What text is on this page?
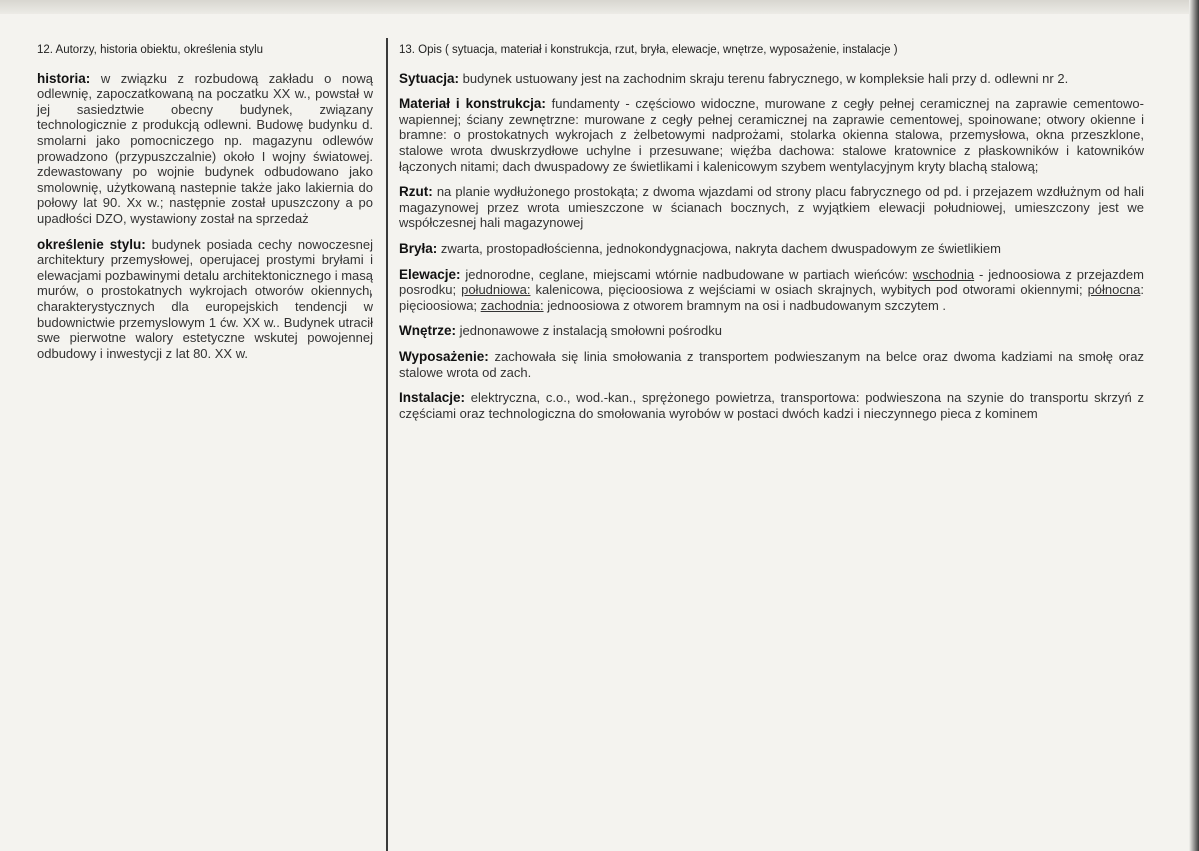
12. Autorzy, historia obiektu, określenia stylu
historia: w związku z rozbudową zakładu o nową odlewnię, zapoczatkowaną na poczatku XX w., powstał w jej sasiedztwie obecny budynek, związany technologicznie z produkcją odlewni. Budowę budynku d. smolarni jako pomocniczego np. magazynu odlewów prowadzono (przypuszczalnie) około I wojny światowej. zdewastowany po wojnie budynek odbudowano jako smolownię, użytkowaną nastepnie także jako lakiernia do połowy lat 90. Xx w.; następnie został upuszczony a po upadłości DZO, wystawiony został na sprzedaż
określenie stylu: budynek posiada cechy nowoczesnej architektury przemysłowej, operujacej prostymi bryłami i elewacjami pozbawinymi detalu architektonicznego i masą murów, o prostokatnych wykrojach otworów okiennych, charakterystycznych dla europejskich tendencji w budownictwie przemyslowym 1 ćw. XX w.. Budynek utracił swe pierwotne walory estetyczne wskutej powojennej odbudowy i inwestycji z lat 80. XX w.
13. Opis ( sytuacja, materiał i konstrukcja, rzut, bryła, elewacje, wnętrze, wyposażenie, instalacje )
Sytuacja: budynek ustuowany jest na zachodnim skraju terenu fabrycznego, w kompleksie hali przy d. odlewni nr 2.
Materiał i konstrukcja: fundamenty - częściowo widoczne, murowane z cegły pełnej ceramicznej na zaprawie cementowo-wapiennej; ściany zewnętrzne: murowane z cegły pełnej ceramicznej na zaprawie cementowej, spoinowane; otwory okienne i bramne: o prostokatnych wykrojach z żelbetowymi nadprożami, stolarka okienna stalowa, przemysłowa, okna przeszklone, stalowe wrota dwuskrzydłowe uchylne i przesuwane; więźba dachowa: stalowe kratownice z płaskowników i katowników łączonych nitami; dach dwuspadowy ze świetlikami i kalenicowym szybem wentylacyjnym kryty blachą stalową;
Rzut: na planie wydłużonego prostokąta; z dwoma wjazdami od strony placu fabrycznego od pd. i przejazem wzdłużnym od hali magazynowej przez wrota umieszczone w ścianach bocznych, z wyjątkiem elewacji południowej, umieszczony jest we współczesnej hali magazynowej
Bryła: zwarta, prostopadłościenna, jednokondygnacjowa, nakryta dachem dwuspadowym ze świetlikiem
Elewacje: jednorodne, ceglane, miejscami wtórnie nadbudowane w partiach wieńców: wschodnia - jednoosiowa z przejazdem posrodku; południowa: kalenicowa, pięcioosiowa z wejściami w osiach skrajnych, wybitych pod otworami okiennymi; północna: pięcioosiowa; zachodnia: jednoosiowa z otworem bramnym na osi i nadbudowanym szczytem .
Wnętrze: jednonawowe z instalacją smołowni pośrodku
Wyposażenie: zachowała się linia smołowania z transportem podwieszanym na belce oraz dwoma kadziami na smołę oraz stalowe wrota od zach.
Instalacje: elektryczna, c.o., wod.-kan., sprężonego powietrza, transportowa: podwieszona na szynie do transportu skrzyń z częściami oraz technologiczna do smołowania wyrobów w postaci dwóch kadzi i nieczynnego pieca z kominem
